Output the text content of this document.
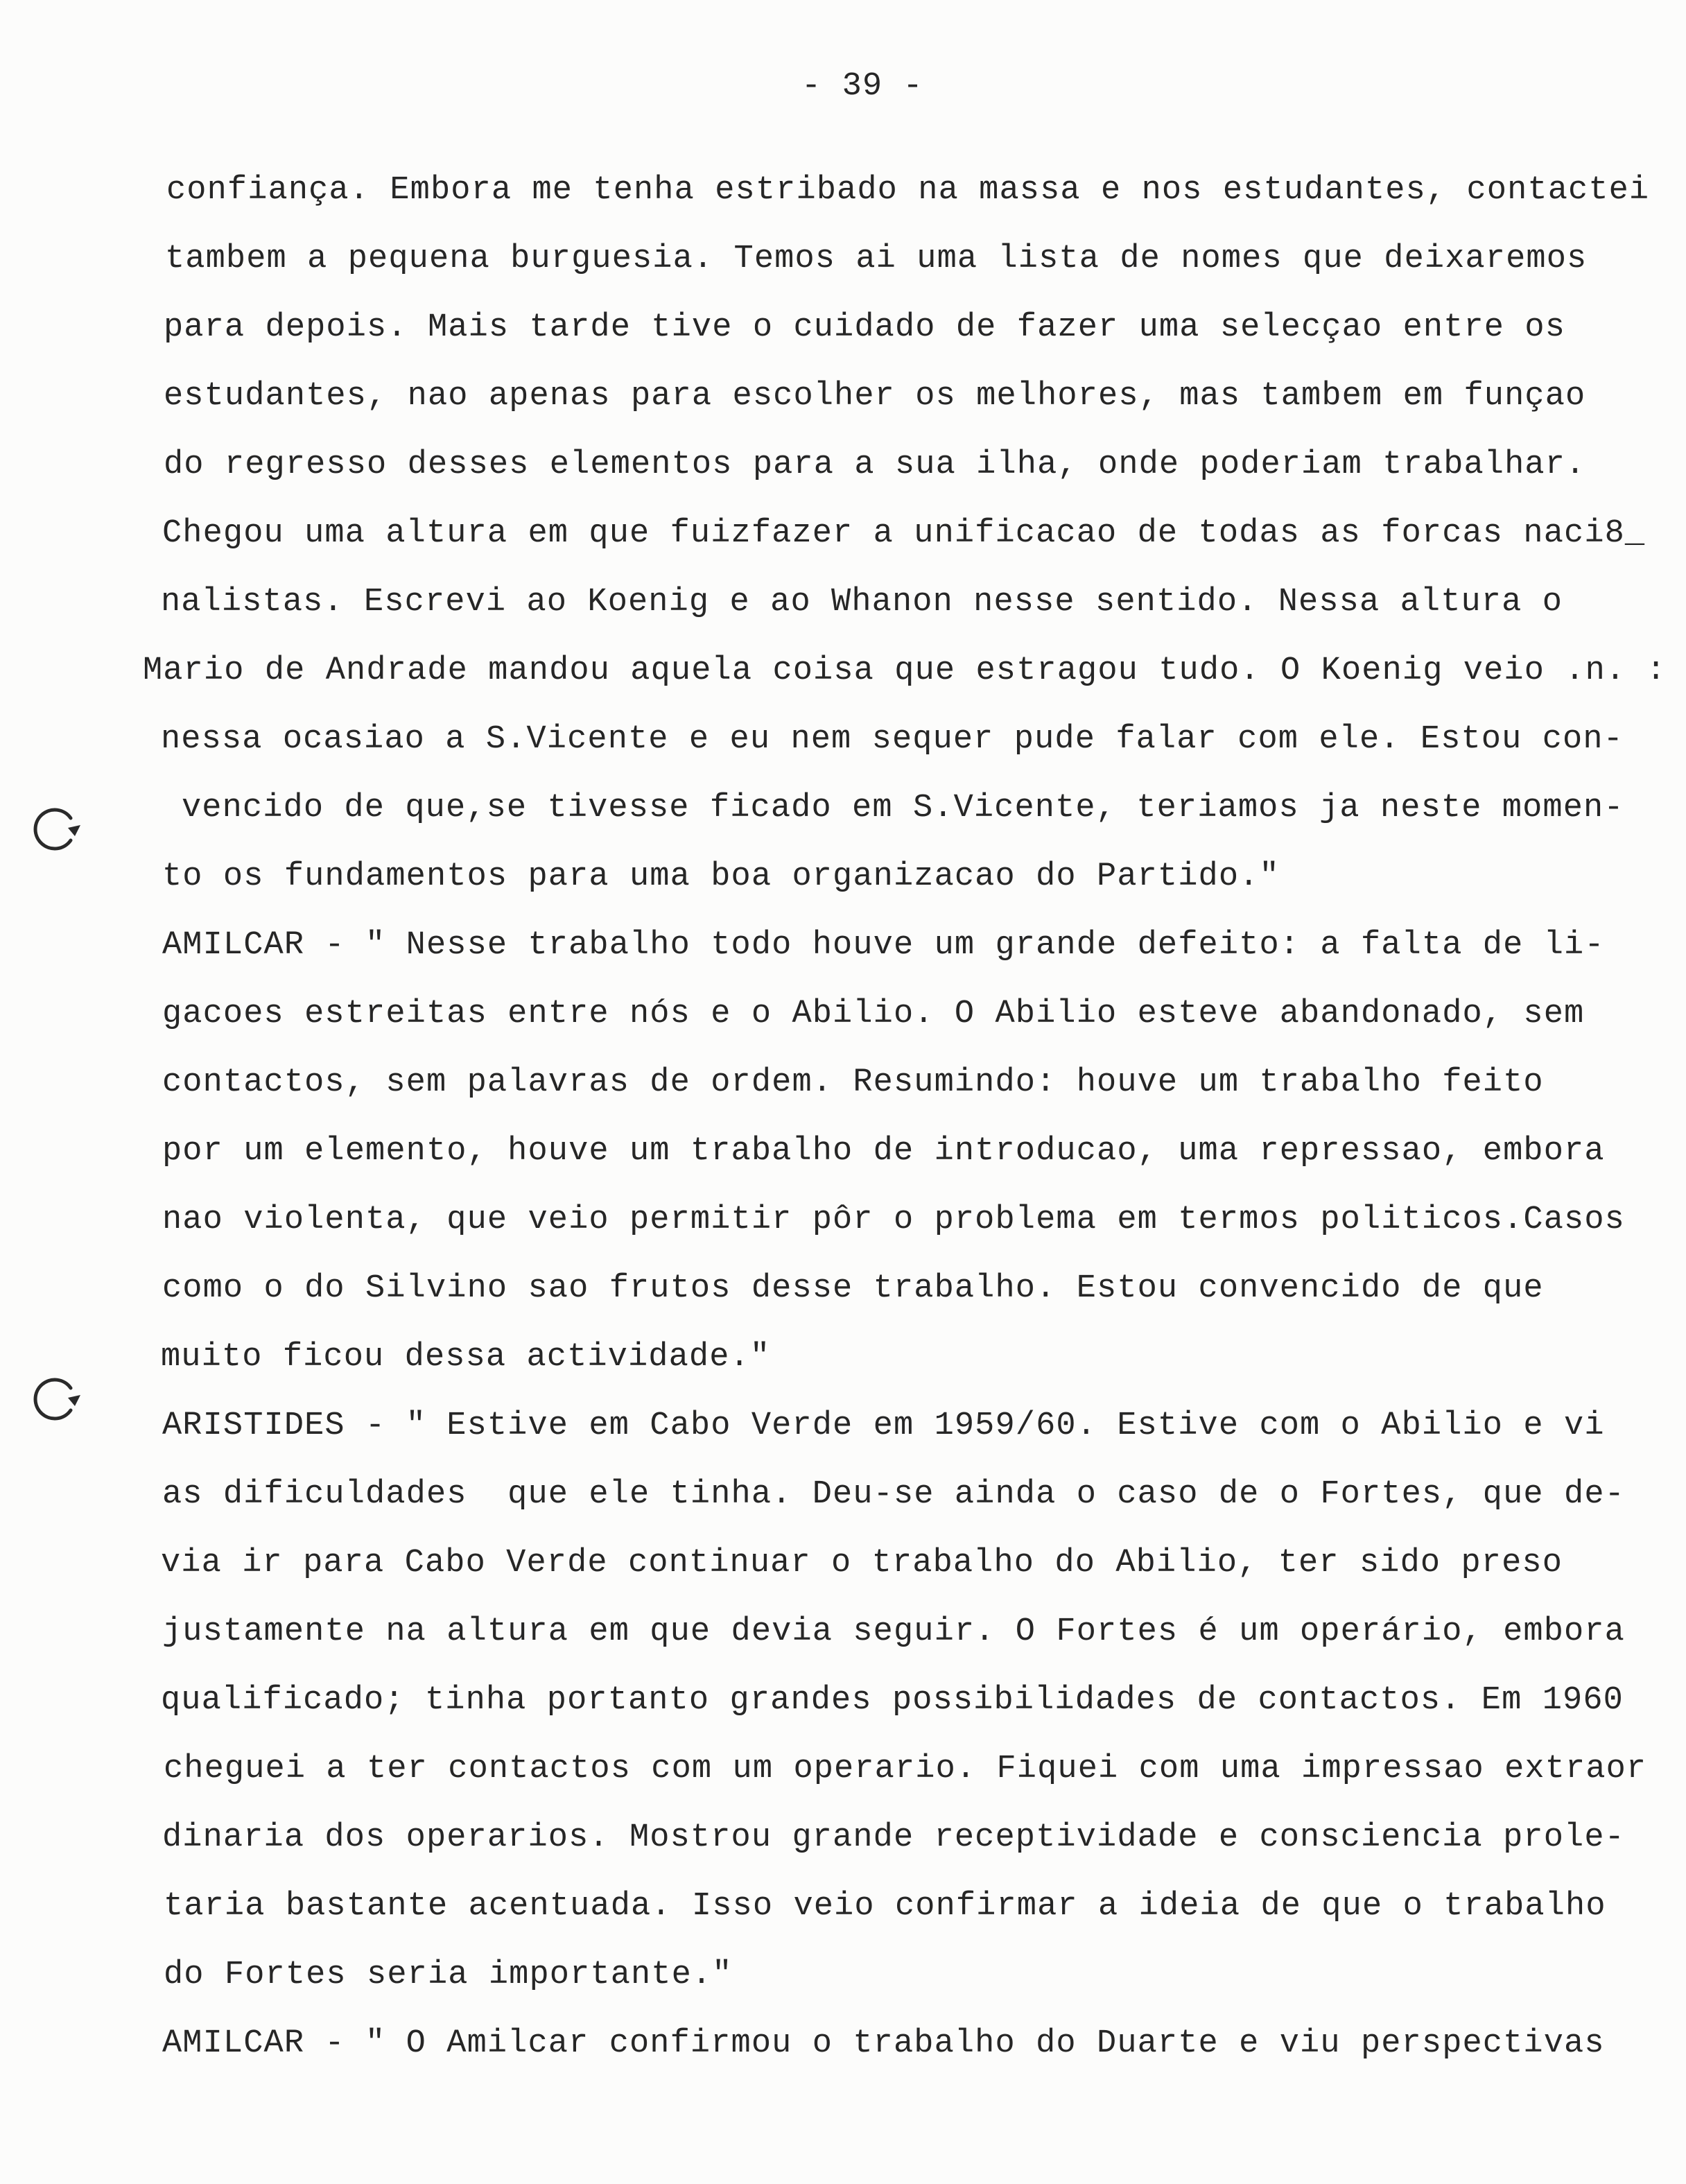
- 39 -
confiança. Embora me tenha estribado na massa e nos estudantes, contactei
tambem a pequena burguesia. Temos ai uma lista de nomes que deixaremos
para depois. Mais tarde tive o cuidado de fazer uma selecçao entre os
estudantes, nao apenas para escolher os melhores, mas tambem em funçao
do regresso desses elementos para a sua ilha, onde poderiam trabalhar.
Chegou uma altura em que fuizfazer a unificacao de todas as forcas naci8_
nalistas. Escrevi ao Koenig e ao Whanon nesse sentido. Nessa altura o
Mario de Andrade mandou aquela coisa que estragou tudo. O Koenig veio .n. :
nessa ocasiao a S.Vicente e eu nem sequer pude falar com ele. Estou con-
vencido de que,se tivesse ficado em S.Vicente, teriamos ja neste momen-
to os fundamentos para uma boa organizacao do Partido."
AMILCAR - " Nesse trabalho todo houve um grande defeito: a falta de li-
gacoes estreitas entre nós e o Abilio. O Abilio esteve abandonado, sem
contactos, sem palavras de ordem. Resumindo: houve um trabalho feito
por um elemento, houve um trabalho de introducao, uma repressao, embora
nao violenta, que veio permitir pôr o problema em termos politicos.Casos
como o do Silvino sao frutos desse trabalho. Estou convencido de que
muito ficou dessa actividade."
ARISTIDES - " Estive em Cabo Verde em 1959/60. Estive com o Abilio e vi
as dificuldades  que ele tinha. Deu-se ainda o caso de o Fortes, que de-
via ir para Cabo Verde continuar o trabalho do Abilio, ter sido preso
justamente na altura em que devia seguir. O Fortes é um operário, embora
qualificado; tinha portanto grandes possibilidades de contactos. Em 1960
cheguei a ter contactos com um operario. Fiquei com uma impressao extraor
dinaria dos operarios. Mostrou grande receptividade e consciencia prole-
taria bastante acentuada. Isso veio confirmar a ideia de que o trabalho
do Fortes seria importante."
AMILCAR - " O Amilcar confirmou o trabalho do Duarte e viu perspectivas
